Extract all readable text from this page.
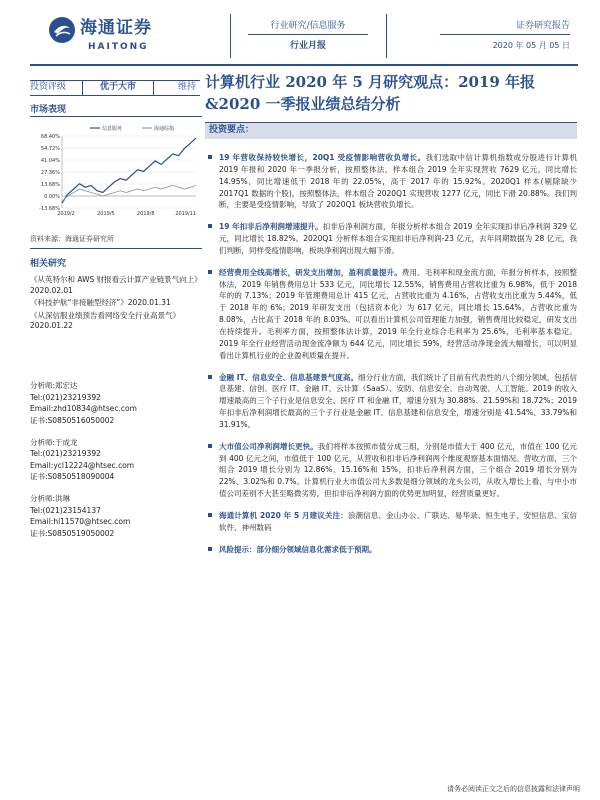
海通证券
HAITONG
行业研究/信息服务
行业月报
证券研究报告
2020 年 05 月 05 日
投资评级	优于大市	维持
市场表现
68.40%
54.72%
41.04%
27.36%
13.68%
0.00%
-13.68%
2019/2	2019/5	2019/8	2019/11
信息服务	海通综指
资料来源：海通证券研究所
相关研究
《从英特尔和 AWS 财报看云计算产业链景气向上》2020.02.01
《科技护航“非接触型经济”》2020.01.31
《从深信服业绩预告看网络安全行业高景气》2020.01.22
分析师:郑宏达
Tel:(021)23219392
Email:zhd10834@htsec.com
证书:S0850516050002
分析师:于成龙
Tel:(021)23219392
Email:ycl12224@htsec.com
证书:S0850518090004
分析师:洪琳
Tel:(021)23154137
Email:hl11570@htsec.com
证书:S0850519050002
计算机行业 2020 年 5 月研究观点：2019 年报&2020 一季报业绩总结分析
投资要点：
19 年营收保持较快增长，20Q1 受疫情影响营收负增长。我们选取中信计算机指数成分股进行计算机 2019 年报和 2020 年一季报分析，按照整体法，样本组合 2019 全年实现营收 7629 亿元，同比增长 14.95%，同比增速低于 2018 年的 22.05%，高于 2017 年的 15.92%。2020Q1 样本(剔除缺少 2017Q1 数据的个股)，按照整体法，样本组合 2020Q1 实现营收 1277 亿元，同比下滑 20.88%。我们判断，主要是受疫情影响，导致了 2020Q1 板块营收负增长。
19 年扣非后净利润增速提升。扣非后净利润方面，年报分析样本组合 2019 全年实现扣非后净利润 329 亿元，同比增长 18.82%。2020Q1 分析样本组合实现扣非后净利润-23 亿元，去年同期数据为 28 亿元，我们判断，同样受疫情影响，板块净利润出现大幅下滑。
经营费用全线高增长，研发支出增加，盈利质量提升。费用、毛利率和现金流方面，年报分析样本，按照整体法，2019 年销售费用总计 533 亿元，同比增长 12.55%，销售费用占营收比重为 6.98%，低于 2018 年的的 7.13%；2019 年管理费用总计 415 亿元，占营收比重为 4.16%，占营收支出比重为 5.44%，低于 2018 年的 6%；2019 年研发支出（包括资本化）为 617 亿元，同比增长 15.64%，占营收比重为 8.08%，占比高于 2018 年的 8.03%。可以看出计算机公司管理能力加强，销售费用比较稳定，研发支出在持续提升。毛利率方面，按照整体法计算，2019 年全行业综合毛利率为 25.6%，毛利率基本稳定。2019 年全行业经营活动现金流净额为 644 亿元，同比增长 59%，经营活动净现金流大幅增长，可以明显看出计算机行业的企业盈利质量在提升。
金融 IT、信息安全、信息基建景气度高。细分行业方面，我们统计了目前有代表性的八个细分领域，包括信息基建、信创、医疗 IT、金融 IT、云计算（SaaS）、安防、信息安全、自动驾驶、人工智能。2019 的收入增速最高的三个子行业是信息安全、医疗 IT 和金融 IT，增速分别为 30.88%、21.59%和 18.72%；2019 年扣非后净利润增长最高的三个子行业是金融 IT、信息基建和信息安全，增速分别是 41.54%、33.79%和 31.91%。
大市值公司净利润增长更快。我们将样本按照市值分成三组，分别是市值大于 400 亿元，市值在 100 亿元到 400 亿元之间，市值低于 100 亿元，从营收和扣非后净利润两个维度观察基本面情况。营收方面，三个组合 2019 增长分别为 12.86%、15.16%和 15%，扣非后净利润方面，三个组合 2019 增长分别为 22%、3.02%和 0.7%。计算机行业大市值公司大多数是细分领域的龙头公司，从收入增长上看，与中小市值公司差别不大甚至略微劣势，但扣非后净利润方面的优势更加明显，经营质量更好。
海通计算机 2020 年 5 月建议关注：浪潮信息、金山办公、广联达、易华录、恒生电子、安恒信息、宝信软件、神州数码
风险提示：部分细分领域信息化需求低于预期。
请务必阅读正文之后的信息披露和法律声明
